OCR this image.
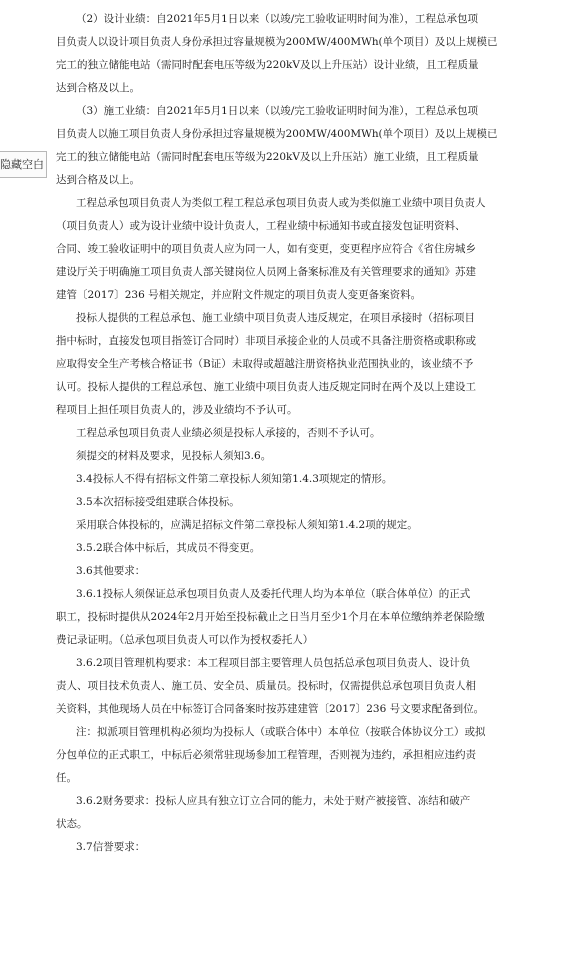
隐藏空白
（2）设计业绩：自2021年5月1日以来（以竣/完工验收证明时间为准），工程总承包项
目负责人以设计项目负责人身份承担过容量规模为200MW/400MWh(单个项目）及以上规模已
完工的独立储能电站（需同时配套电压等级为220kV及以上升压站）设计业绩，且工程质量
达到合格及以上。
（3）施工业绩：自2021年5月1日以来（以竣/完工验收证明时间为准），工程总承包项
目负责人以施工项目负责人身份承担过容量规模为200MW/400MWh(单个项目）及以上规模已
完工的独立储能电站（需同时配套电压等级为220kV及以上升压站）施工业绩，且工程质量
达到合格及以上。
工程总承包项目负责人为类似工程工程总承包项目负责人或为类似施工业绩中项目负责人
（项目负责人）或为设计业绩中设计负责人，工程业绩中标通知书或直接发包证明资料、
合同、竣工验收证明中的项目负责人应为同一人，如有变更，变更程序应符合《省住房城乡
建设厅关于明确施工项目负责人部关键岗位人员网上备案标准及有关管理要求的通知》苏建
建管〔2017〕236 号相关规定，并应附文件规定的项目负责人变更备案资料。
投标人提供的工程总承包、施工业绩中项目负责人违反规定，在项目承接时（招标项目
指中标时，直接发包项目指签订合同时）非项目承接企业的人员或不具备注册资格或职称或
应取得安全生产考核合格证书（B证）未取得或超越注册资格执业范围执业的，该业绩不予
认可。投标人提供的工程总承包、施工业绩中项目负责人违反规定同时在两个及以上建设工
程项目上担任项目负责人的，涉及业绩均不予认可。
工程总承包项目负责人业绩必须是投标人承接的，否则不予认可。
须提交的材料及要求，见投标人须知3.6。
3.4投标人不得有招标文件第二章投标人须知第1.4.3项规定的情形。
3.5本次招标接受组建联合体投标。
采用联合体投标的，应满足招标文件第二章投标人须知第1.4.2项的规定。
3.5.2联合体中标后，其成员不得变更。
3.6其他要求：
3.6.1投标人须保证总承包项目负责人及委托代理人均为本单位（联合体单位）的正式
职工，投标时提供从2024年2月开始至投标截止之日当月至少1个月在本单位缴纳养老保险缴
费记录证明。（总承包项目负责人可以作为授权委托人）
3.6.2项目管理机构要求：本工程项目部主要管理人员包括总承包项目负责人、设计负
责人、项目技术负责人、施工员、安全员、质量员。投标时，仅需提供总承包项目负责人相
关资料，其他现场人员在中标签订合同备案时按苏建建管〔2017〕236 号文要求配备到位。
注：拟派项目管理机构必须均为投标人（或联合体中）本单位（按联合体协议分工）或拟
分包单位的正式职工，中标后必须常驻现场参加工程管理，否则视为违约，承担相应违约责
任。
3.6.2财务要求：投标人应具有独立订立合同的能力，未处于财产被接管、冻结和破产
状态。
3.7信誉要求：
